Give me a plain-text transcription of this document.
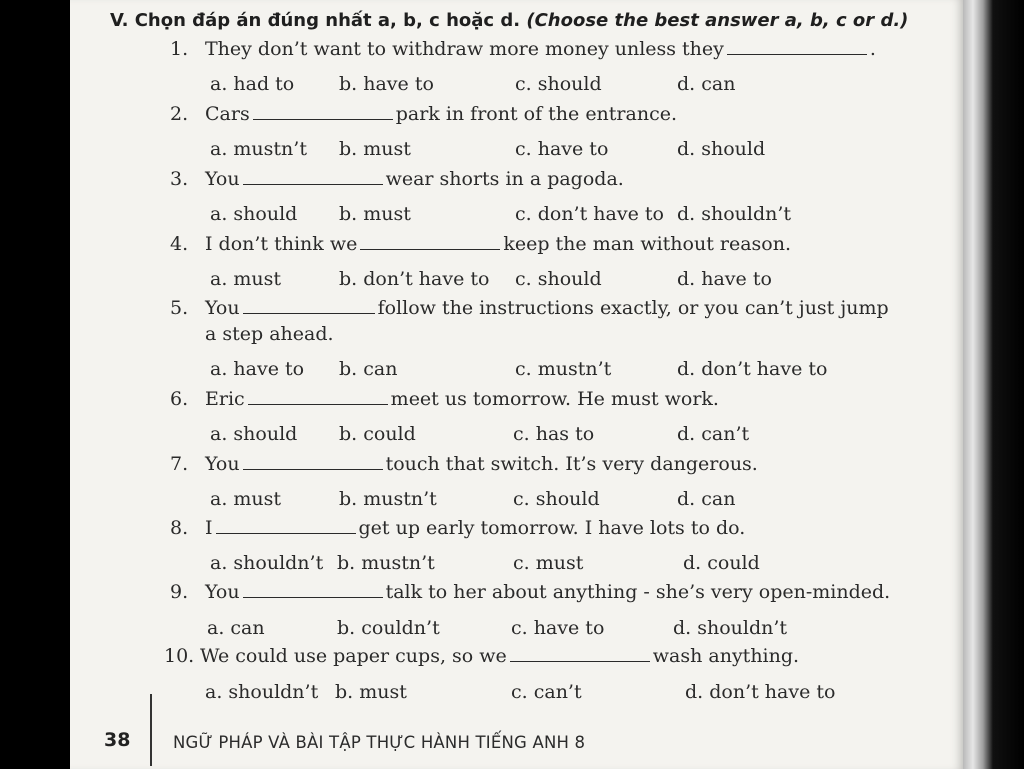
V. Chọn đáp án đúng nhất a, b, c hoặc d. (Choose the best answer a, b, c or d.)
1. They don’t want to withdraw more money unless they	.
a. had to b. have to	c. should	d. can
2. Cars	park in front of the entrance.
a. mustn’t b. must	c. have to	d. should
3. You	wear shorts in a pagoda.
a. should b. must	c. don’t have to d. shouldn’t
4. I don’t think we	keep the man without reason.
a. must	b. don’t have to c. should	d. have to
5. You	follow the instructions exactly, or you can’t just jump
a step ahead.
a. have to b. can	c. mustn’t	d. don’t have to
6. Eric	meet us tomorrow. He must work.
a. should b. could	c. has to	d. can’t
7. You	touch that switch. It’s very dangerous.
a. must	b. mustn’t	c. should	d. can
8. I	get up early tomorrow. I have lots to do.
a. shouldn’t b. mustn’t	c. must	d. could
9. You	talk to her about anything - she’s very open-minded.
a. can	b. couldn’t	c. have to	d. shouldn’t
10. We could use paper cups, so we	wash anything.
a. shouldn’t b. must	c. can’t	d. don’t have to
38	NGỮ PHÁP VÀ BÀI TẬP THỰC HÀNH TIẾNG ANH 8
